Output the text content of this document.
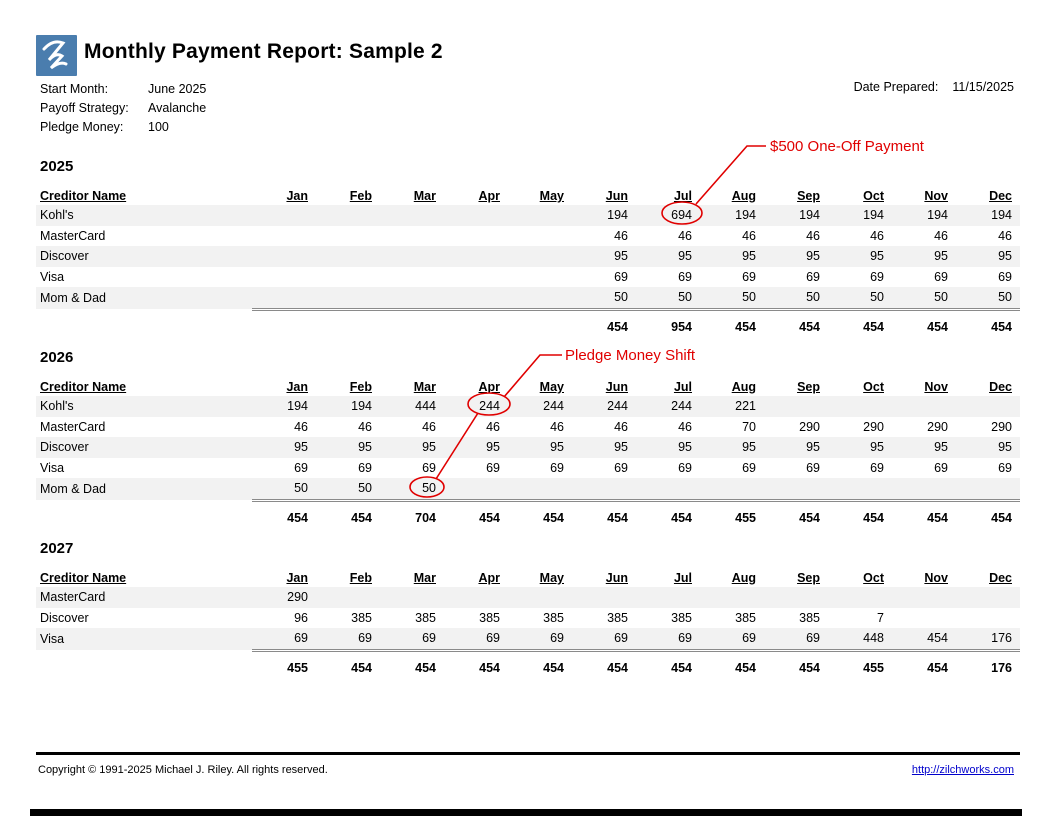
Monthly Payment Report: Sample 2
Start Month:	June 2025
Payoff Strategy:	Avalanche
Pledge Money:	100
Date Prepared: 11/15/2025
2025
Creditor Name	Jan	Feb	Mar	Apr	May	Jun	Jul	Aug	Sep	Oct	Nov	Dec
Kohl's						194	694	194	194	194	194	194
MasterCard						46	46	46	46	46	46	46
Discover						95	95	95	95	95	95	95
Visa						69	69	69	69	69	69	69
Mom & Dad						50	50	50	50	50	50	50
						454	954	454	454	454	454	454
2026
Creditor Name	Jan	Feb	Mar	Apr	May	Jun	Jul	Aug	Sep	Oct	Nov	Dec
Kohl's	194	194	444	244	244	244	244	221				
MasterCard	46	46	46	46	46	46	46	70	290	290	290	290
Discover	95	95	95	95	95	95	95	95	95	95	95	95
Visa	69	69	69	69	69	69	69	69	69	69	69	69
Mom & Dad	50	50	50									
	454	454	704	454	454	454	454	455	454	454	454	454
2027
Creditor Name	Jan	Feb	Mar	Apr	May	Jun	Jul	Aug	Sep	Oct	Nov	Dec
MasterCard	290											
Discover	96	385	385	385	385	385	385	385	385	7		
Visa	69	69	69	69	69	69	69	69	69	448	454	176
	455	454	454	454	454	454	454	454	454	455	454	176
$500 One-Off Payment
Pledge Money Shift
Copyright © 1991-2025 Michael J. Riley. All rights reserved.	http://zilchworks.com
